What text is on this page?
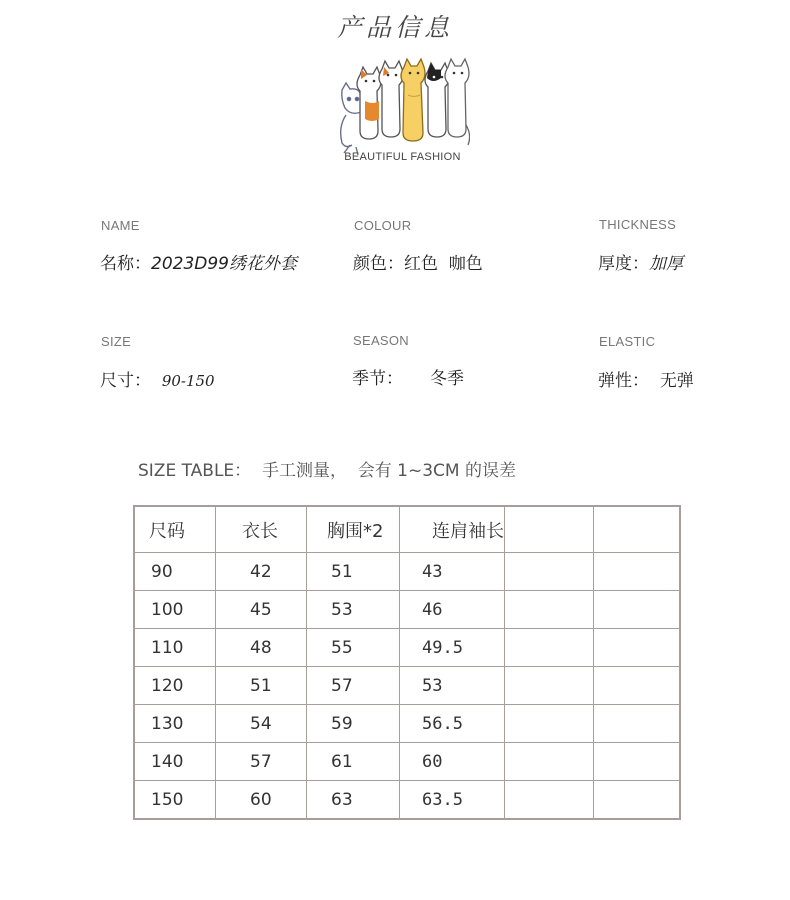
产品信息
BEAUTIFUL FASHION
NAME
名称：2023D99绣花外套
COLOUR
颜色：红色  咖色
THICKNESS
厚度：加厚
SIZE
尺寸： 90-150
SEASON
季节： 冬季
ELASTIC
弹性： 无弹
SIZE TABLE：  手工测量，  会有 1~3CM 的误差
尺码	衣长	胸围*2	连肩袖长		
90	42	51	43		
100	45	53	46		
110	48	55	49.5		
120	51	57	53		
130	54	59	56.5		
140	57	61	60		
150	60	63	63.5		
